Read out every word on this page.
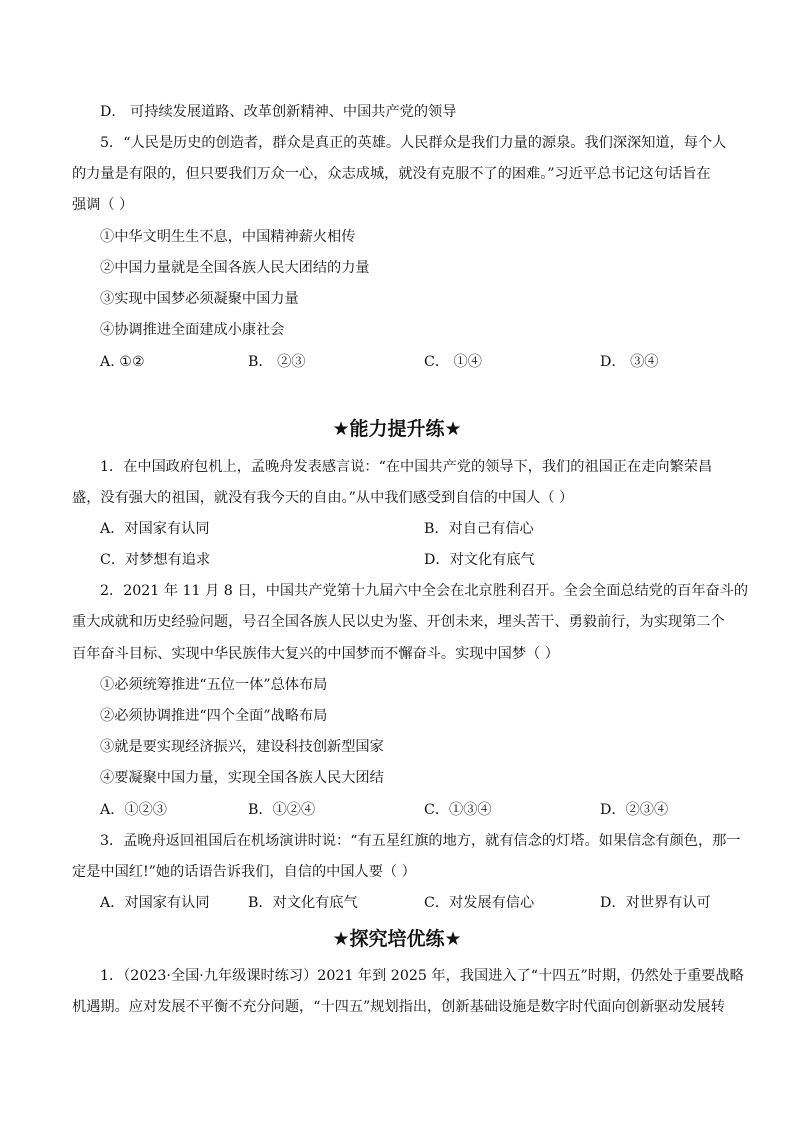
D． 可持续发展道路、改革创新精神、中国共产党的领导
5．“人民是历史的创造者，群众是真正的英雄。人民群众是我们力量的源泉。我们深深知道，每个人
的力量是有限的，但只要我们万众一心，众志成城，就没有克服不了的困难。”习近平总书记这句话旨在
强调（ ）
①中华文明生生不息，中国精神薪火相传
②中国力量就是全国各族人民大团结的力量
③实现中国梦必须凝聚中国力量
④协调推进全面建成小康社会
A. ①②	B． ②③	C． ①④	D． ③④
★能力提升练★
1．在中国政府包机上，孟晚舟发表感言说：“在中国共产党的领导下，我们的祖国正在走向繁荣昌
盛，没有强大的祖国，就没有我今天的自由。”从中我们感受到自信的中国人（ ）
A．对国家有认同	B．对自己有信心
C．对梦想有追求	D．对文化有底气
2．2021 年 11 月 8 日，中国共产党第十九届六中全会在北京胜利召开。全会全面总结党的百年奋斗的
重大成就和历史经验问题，号召全国各族人民以史为鉴、开创未来，埋头苦干、勇毅前行，为实现第二个
百年奋斗目标、实现中华民族伟大复兴的中国梦而不懈奋斗。实现中国梦（ ）
①必须统筹推进“五位一体”总体布局
②必须协调推进“四个全面”战略布局
③就是要实现经济振兴，建设科技创新型国家
④要凝聚中国力量，实现全国各族人民大团结
A．①②③	B．①②④	C．①③④	D．②③④
3．孟晚舟返回祖国后在机场演讲时说：“有五星红旗的地方，就有信念的灯塔。如果信念有颜色，那一
定是中国红!”她的话语告诉我们，自信的中国人要（ ）
A．对国家有认同	B．对文化有底气	C．对发展有信心	D．对世界有认可
★探究培优练★
1．（2023·全国·九年级课时练习）2021 年到 2025 年，我国进入了“十四五”时期，仍然处于重要战略
机遇期。应对发展不平衡不充分问题，“十四五”规划指出，创新基础设施是数字时代面向创新驱动发展转
